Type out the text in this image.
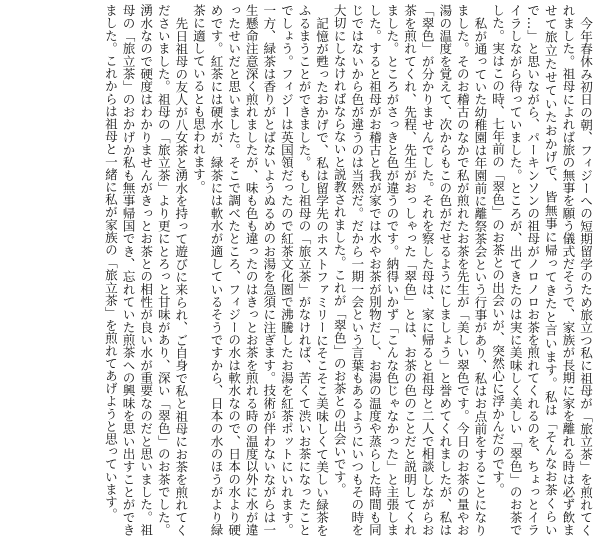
今年春休み初日の朝、フィジーへの短期留学のため旅立つ私に祖母が「旅立茶」を煎れてくれました。祖母によれば旅の無事を願う儀式だそうで、家族が長期に家を離れる時は必ず飲ませて旅立たせていたおかげで、皆無事に帰ってきたと言います。私は「そんなお茶くらいで…」と思いながら、パーキンソンの祖母がノロノロお茶を煎れてくれるのを、ちょっとイライラしながら待っていました。ところが、出てきたのは実に美味しく美しい「翠色」のお茶でした。実はこの時、七年前の「翠色」のお茶との出会いが、突然心に浮かんだのです。

私が通っていた幼稚園は年園前に離祭茶会という行事があり、私はお点前をすることになりました。そのお稽古のなかで私が煎れたお茶を先生が「美しい翠色です。今日のお茶の量やお湯の温度を覚えて、次からもこの色がだせるようにしましょう」と誉めてくれましたが、私は「翠色」が分かりませんでした。それを察した母は、家に帰ると祖母と二人で相談しながらお茶を煎れてくれ、先程、先生がおっしゃった「翠色」とは、お茶の色のことだと説明してくれました。ところがさっきと色が違うのです。納得いかず「こんな色じゃなかった」と主張しました。すると祖母がお稽古と我が家では水やお茶が別物だし、お湯の温度や蒸らした時間も同じではないから色が違うのは当然だ。だから一期一会という言葉もあるようにいつもその時を大切にしなければならないと説教されました。これが「翠色」のお茶との出会いです。

記憶が甦ったおかげで、私は留学先のホストファミリーにそこそこ美味しくて美しい緑茶をふるまうことができました。もし祖母の「旅立茶」がなければ、苦くて渋いお茶になったことでしょう。フィジーは英国領だったので紅茶文化圏で沸騰したお湯を紅茶ポットにいれます。一方、緑茶は香りがとばないようぬるめのお湯を急須に注ぎます。技術が伴わないながらは一生懸命注意深く煎れましたが、味も色も違ったのはきっとお茶を煎れる時の温度以外に水が違ったせいだと思いました。そこで調べたところ、フィジーの水は軟水なので、日本の水より硬めです。紅茶には硬水が、緑茶には軟水が適しているそうですから、日本の水のほうがより緑茶に適しているとも思われます。

先日祖母の友人が八女茶と湧水を持って遊びに来られ、ご自身で私と祖母にお茶を煎れてくださいました。祖母の「旅立茶」より更にとろっと甘味があり、深い「翠色」のお茶でした。湧水なので硬度はわかりませんがきっとお茶との相性が良い水が重要なのだと思いました。祖母の「旅立茶」のおかげか私も無事帰国でき、忘れていた煎茶への興味を思い出すことができました。これからは祖母と一緒に私が家族の「旅立茶」を煎れてあげようと思っています。
